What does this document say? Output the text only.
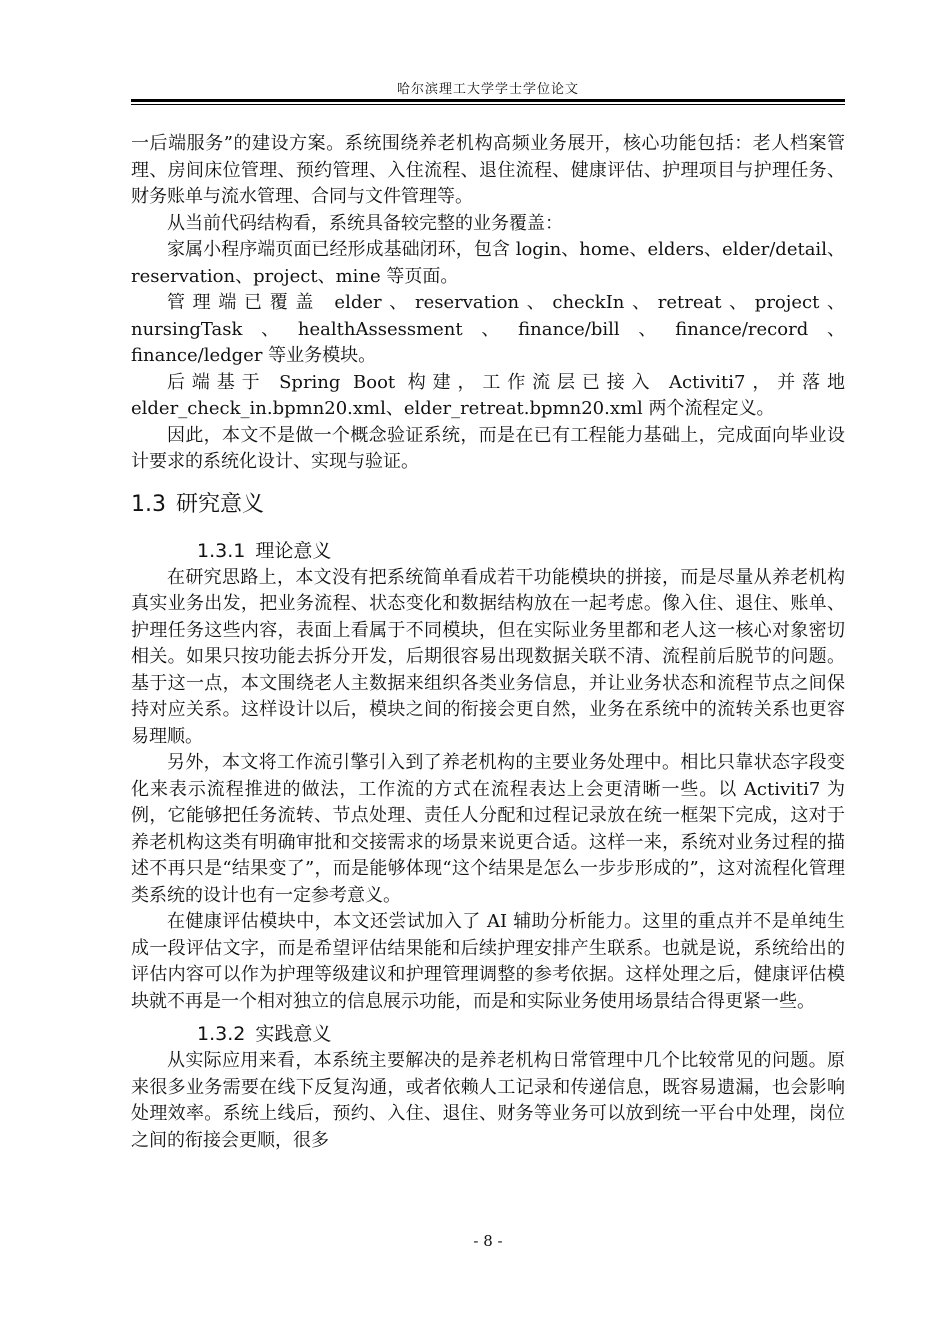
哈尔滨理工大学学士学位论文

一后端服务”的建设方案。系统围绕养老机构高频业务展开，核心功能包括：老人档案管理、房间床位管理、预约管理、入住流程、退住流程、健康评估、护理项目与护理任务、财务账单与流水管理、合同与文件管理等。

从当前代码结构看，系统具备较完整的业务覆盖：

家属小程序端页面已经形成基础闭环，包含 login、home、elders、elder/detail、reservation、project、mine 等页面。

管理端已覆盖 elder、reservation、checkIn、retreat、project、nursingTask、healthAssessment、finance/bill、finance/record、finance/ledger 等业务模块。

后端基于 Spring Boot 构建，工作流层已接入 Activiti7，并落地 elder_check_in.bpmn20.xml、elder_retreat.bpmn20.xml 两个流程定义。

因此，本文不是做一个概念验证系统，而是在已有工程能力基础上，完成面向毕业设计要求的系统化设计、实现与验证。

1.3 研究意义
1.3.1 理论意义

在研究思路上，本文没有把系统简单看成若干功能模块的拼接，而是尽量从养老机构真实业务出发，把业务流程、状态变化和数据结构放在一起考虑。像入住、退住、账单、护理任务这些内容，表面上看属于不同模块，但在实际业务里都和老人这一核心对象密切相关。如果只按功能去拆分开发，后期很容易出现数据关联不清、流程前后脱节的问题。基于这一点，本文围绕老人主数据来组织各类业务信息，并让业务状态和流程节点之间保持对应关系。这样设计以后，模块之间的衔接会更自然，业务在系统中的流转关系也更容易理顺。

另外，本文将工作流引擎引入到了养老机构的主要业务处理中。相比只靠状态字段变化来表示流程推进的做法，工作流的方式在流程表达上会更清晰一些。以 Activiti7 为例，它能够把任务流转、节点处理、责任人分配和过程记录放在统一框架下完成，这对于养老机构这类有明确审批和交接需求的场景来说更合适。这样一来，系统对业务过程的描述不再只是“结果变了”，而是能够体现“这个结果是怎么一步步形成的”，这对流程化管理类系统的设计也有一定参考意义。

在健康评估模块中，本文还尝试加入了 AI 辅助分析能力。这里的重点并不是单纯生成一段评估文字，而是希望评估结果能和后续护理安排产生联系。也就是说，系统给出的评估内容可以作为护理等级建议和护理管理调整的参考依据。这样处理之后，健康评估模块就不再是一个相对独立的信息展示功能，而是和实际业务使用场景结合得更紧一些。

1.3.2 实践意义

从实际应用来看，本系统主要解决的是养老机构日常管理中几个比较常见的问题。原来很多业务需要在线下反复沟通，或者依赖人工记录和传递信息，既容易遗漏，也会影响处理效率。系统上线后，预约、入住、退住、财务等业务可以放到统一平台中处理，岗位之间的衔接会更顺，很多

- 8 -
